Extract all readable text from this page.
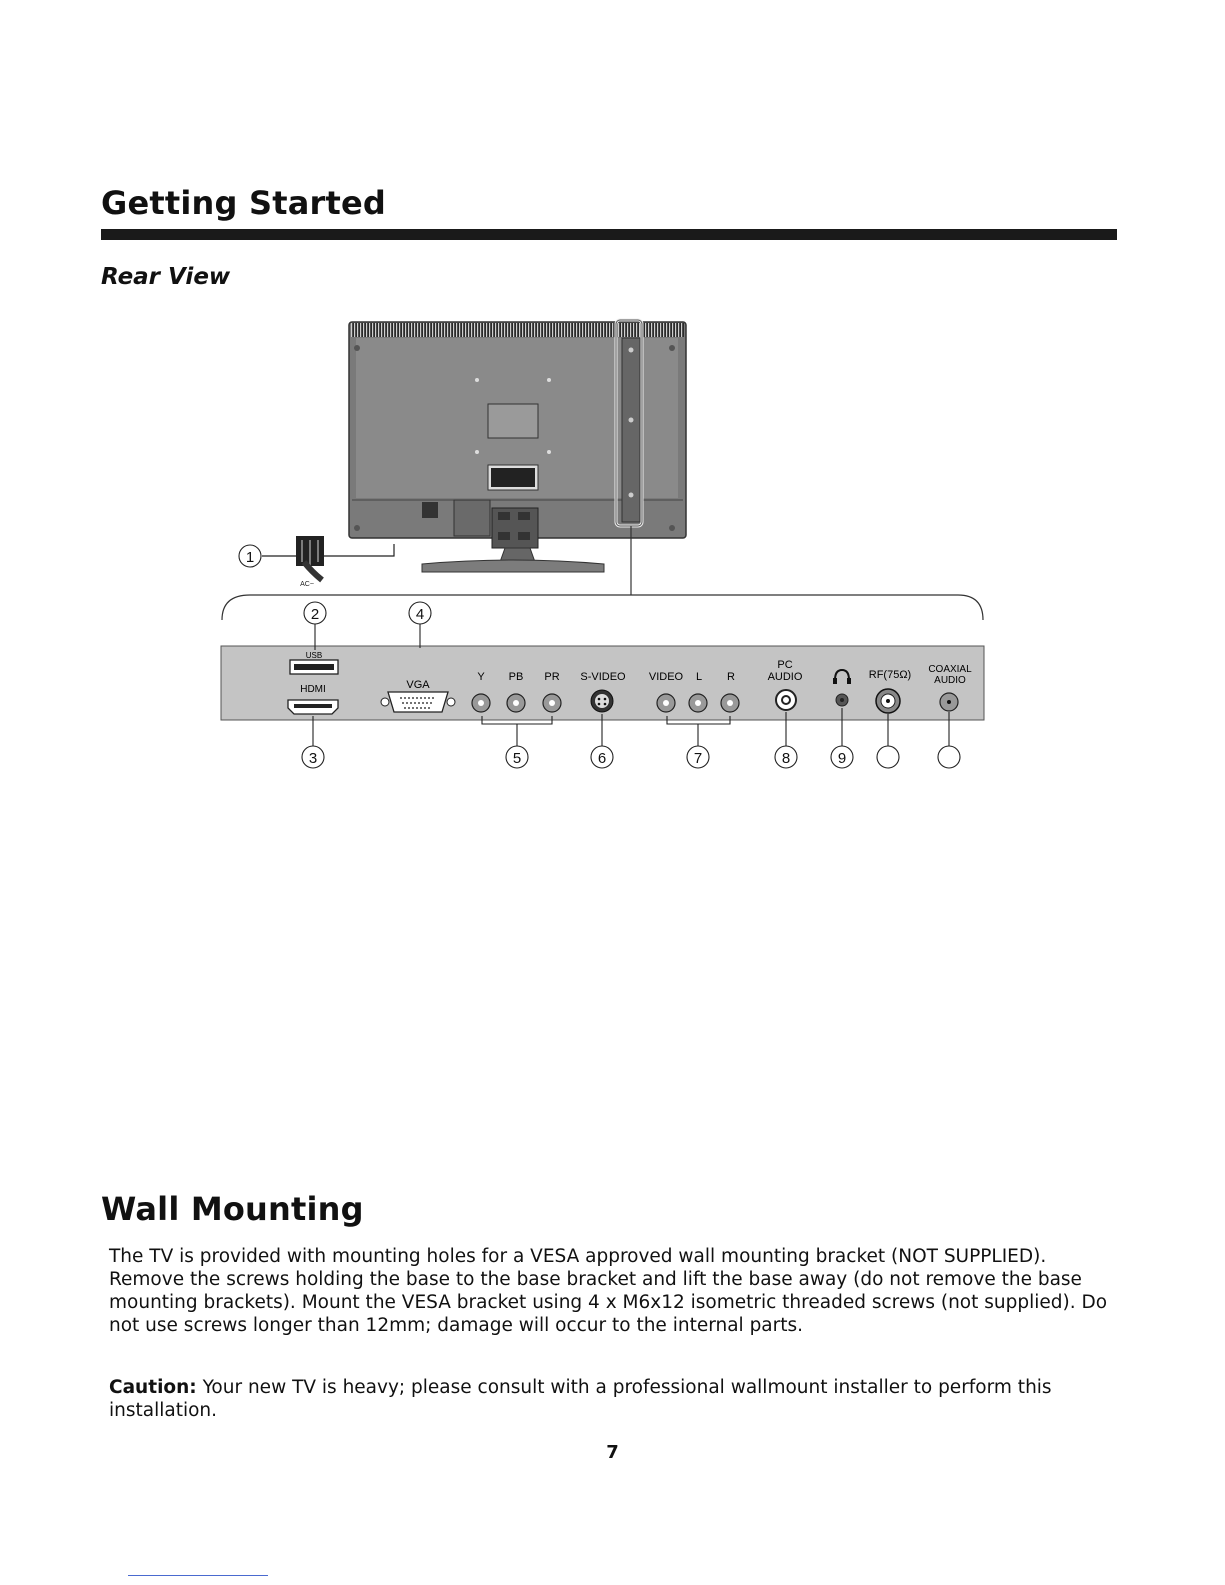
Getting Started
Rear View
AC~
USB
HDMI	VGA
Y PB PR S-VIDEO VIDEO L R
PC
AUDIO	RF(75Ω) COAXIAL
AUDIO
1
2
3
4
5	6	7	8	9
Wall Mounting

The TV is provided with mounting holes for a VESA approved wall mounting bracket (NOT SUPPLIED). Remove the screws holding the base to the base bracket and lift the base away (do not remove the base mounting brackets). Mount the VESA bracket using 4 x M6x12 isometric threaded screws (not supplied). Do not use screws longer than 12mm; damage will occur to the internal parts.

Caution: Your new TV is heavy; please consult with a professional wallmount installer to perform this installation.

7
